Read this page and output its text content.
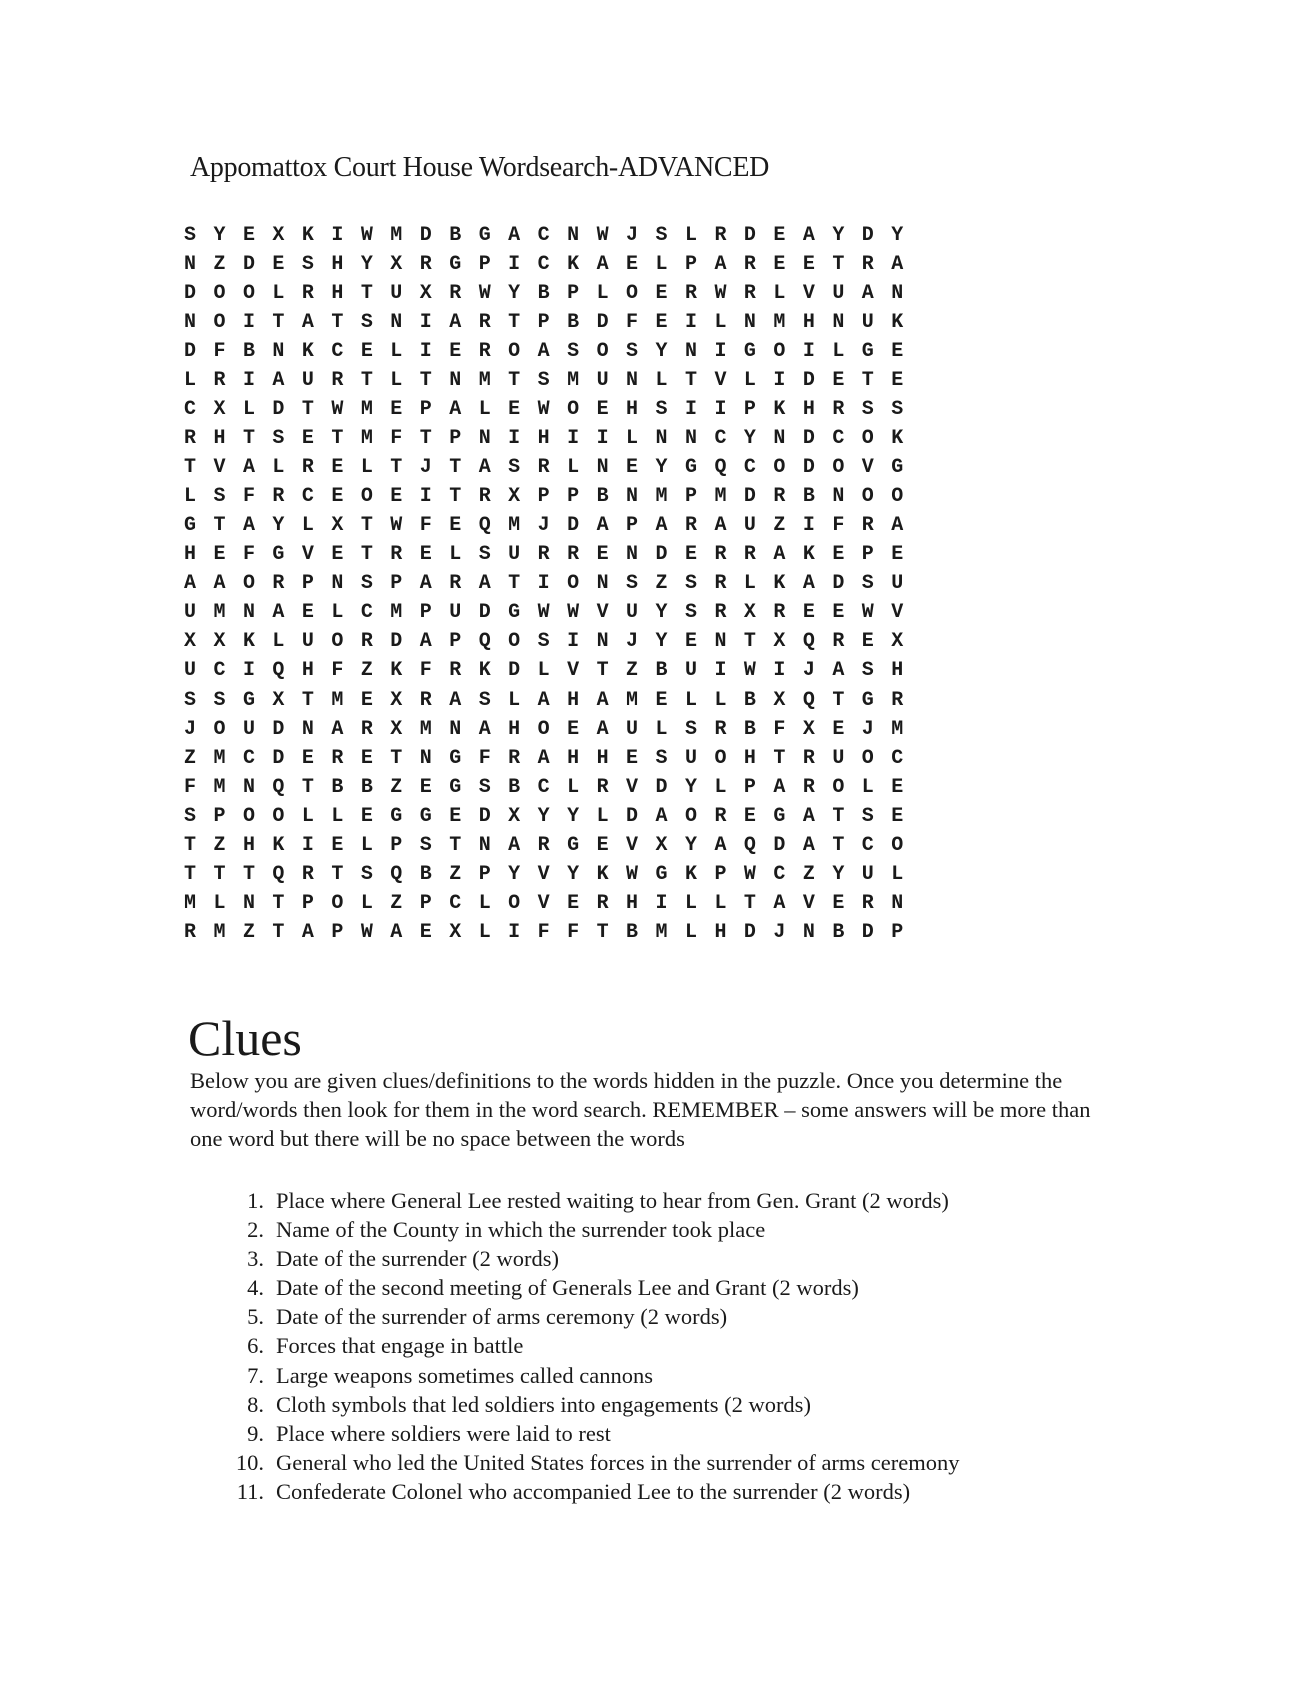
Appomattox Court House Wordsearch-ADVANCED
S Y E X K I W M D B G A C N W J S L R D E A Y D Y
N Z D E S H Y X R G P I C K A E L P A R E E T R A
D O O L R H T U X R W Y B P L O E R W R L V U A N
N O I T A T S N I A R T P B D F E I L N M H N U K
D F B N K C E L I E R O A S O S Y N I G O I L G E
L R I A U R T L T N M T S M U N L T V L I D E T E
C X L D T W M E P A L E W O E H S I I P K H R S S
R H T S E T M F T P N I H I I L N N C Y N D C O K
T V A L R E L T J T A S R L N E Y G Q C O D O V G
L S F R C E O E I T R X P P B N M P M D R B N O O
G T A Y L X T W F E Q M J D A P A R A U Z I F R A
H E F G V E T R E L S U R R E N D E R R A K E P E
A A O R P N S P A R A T I O N S Z S R L K A D S U
U M N A E L C M P U D G W W V U Y S R X R E E W V
X X K L U O R D A P Q O S I N J Y E N T X Q R E X
U C I Q H F Z K F R K D L V T Z B U I W I J A S H
S S G X T M E X R A S L A H A M E L L B X Q T G R
J O U D N A R X M N A H O E A U L S R B F X E J M
Z M C D E R E T N G F R A H H E S U O H T R U O C
F M N Q T B B Z E G S B C L R V D Y L P A R O L E
S P O O L L E G G E D X Y Y L D A O R E G A T S E
T Z H K I E L P S T N A R G E V X Y A Q D A T C O
T T T Q R T S Q B Z P Y V Y K W G K P W C Z Y U L
M L N T P O L Z P C L O V E R H I L L T A V E R N
R M Z T A P W A E X L I F F T B M L H D J N B D P
Clues
Below you are given clues/definitions to the words hidden in the puzzle. Once you determine the word/words then look for them in the word search. REMEMBER – some answers will be more than one word but there will be no space between the words
1. Place where General Lee rested waiting to hear from Gen. Grant (2 words)
2. Name of the County in which the surrender took place
3. Date of the surrender (2 words)
4. Date of the second meeting of Generals Lee and Grant (2 words)
5. Date of the surrender of arms ceremony (2 words)
6. Forces that engage in battle
7. Large weapons sometimes called cannons
8. Cloth symbols that led soldiers into engagements (2 words)
9. Place where soldiers were laid to rest
10. General who led the United States forces in the surrender of arms ceremony
11. Confederate Colonel who accompanied Lee to the surrender (2 words)
